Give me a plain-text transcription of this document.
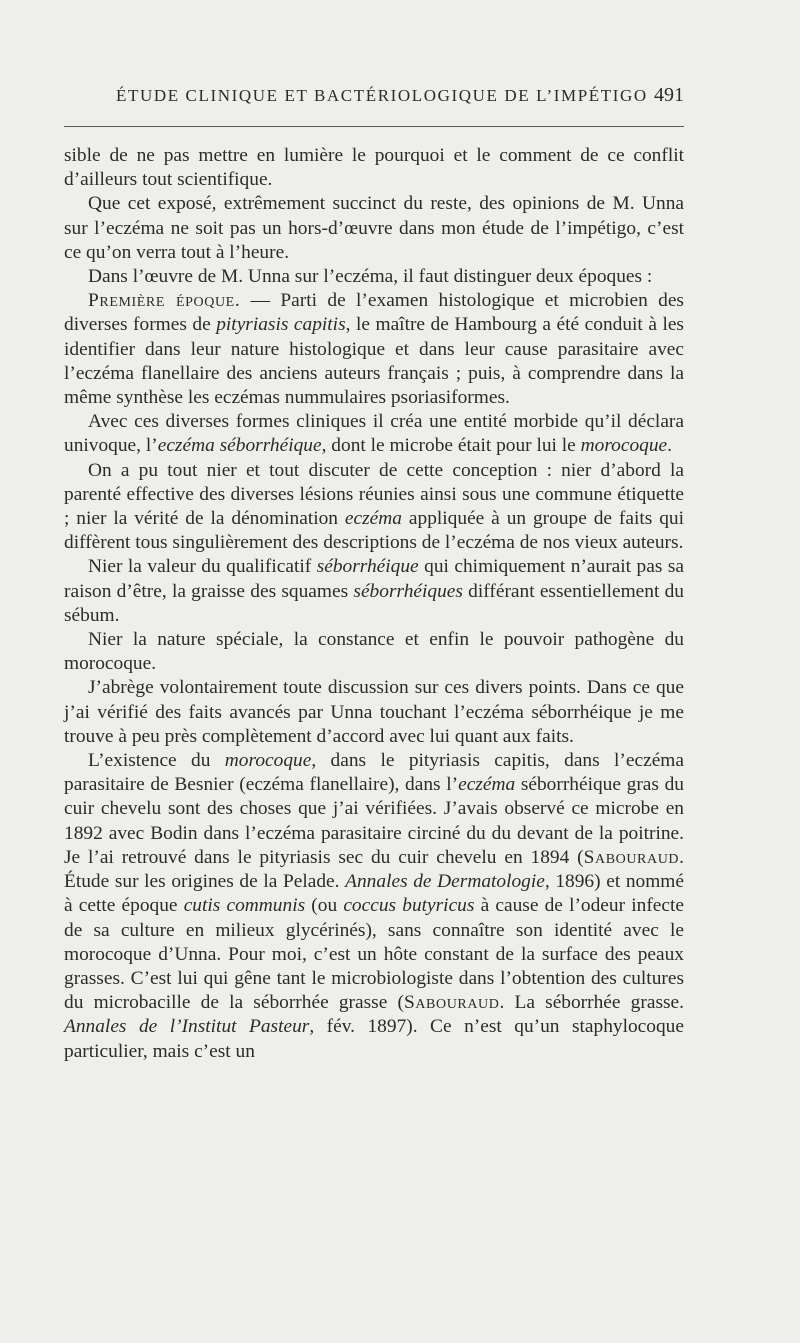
ÉTUDE CLINIQUE ET BACTÉRIOLOGIQUE DE L’IMPÉTIGO 491

sible de ne pas mettre en lumière le pourquoi et le comment de ce conflit d’ailleurs tout scientifique.

Que cet exposé, extrêmement succinct du reste, des opinions de M. Unna sur l’eczéma ne soit pas un hors-d’œuvre dans mon étude de l’impétigo, c’est ce qu’on verra tout à l’heure.

Dans l’œuvre de M. Unna sur l’eczéma, il faut distinguer deux époques :

Première époque. — Parti de l’examen histologique et microbien des diverses formes de pityriasis capitis, le maître de Hambourg a été conduit à les identifier dans leur nature histologique et dans leur cause parasitaire avec l’eczéma flanellaire des anciens auteurs français ; puis, à comprendre dans la même synthèse les eczémas nummulaires psoriasiformes.

Avec ces diverses formes cliniques il créa une entité morbide qu’il déclara univoque, l’eczéma séborrhéique, dont le microbe était pour lui le morocoque.

On a pu tout nier et tout discuter de cette conception : nier d’abord la parenté effective des diverses lésions réunies ainsi sous une commune étiquette ; nier la vérité de la dénomination eczéma appliquée à un groupe de faits qui diffèrent tous singulièrement des descriptions de l’eczéma de nos vieux auteurs.

Nier la valeur du qualificatif séborrhéique qui chimiquement n’aurait pas sa raison d’être, la graisse des squames séborrhéiques différant essentiellement du sébum.

Nier la nature spéciale, la constance et enfin le pouvoir pathogène du morocoque.

J’abrège volontairement toute discussion sur ces divers points. Dans ce que j’ai vérifié des faits avancés par Unna touchant l’eczéma séborrhéique je me trouve à peu près complètement d’accord avec lui quant aux faits.

L’existence du morocoque, dans le pityriasis capitis, dans l’eczéma parasitaire de Besnier (eczéma flanellaire), dans l’eczéma séborrhéique gras du cuir chevelu sont des choses que j’ai vérifiées. J’avais observé ce microbe en 1892 avec Bodin dans l’eczéma parasitaire circiné du du devant de la poitrine. Je l’ai retrouvé dans le pityriasis sec du cuir chevelu en 1894 (Sabouraud. Étude sur les origines de la Pelade. Annales de Dermatologie, 1896) et nommé à cette époque cutis communis (ou coccus butyricus à cause de l’odeur infecte de sa culture en milieux glycérinés), sans connaître son identité avec le morocoque d’Unna. Pour moi, c’est un hôte constant de la surface des peaux grasses. C’est lui qui gêne tant le microbiologiste dans l’obtention des cultures du microbacille de la séborrhée grasse (Sabouraud. La séborrhée grasse. Annales de l’Institut Pasteur, fév. 1897). Ce n’est qu’un staphylocoque particulier, mais c’est un
